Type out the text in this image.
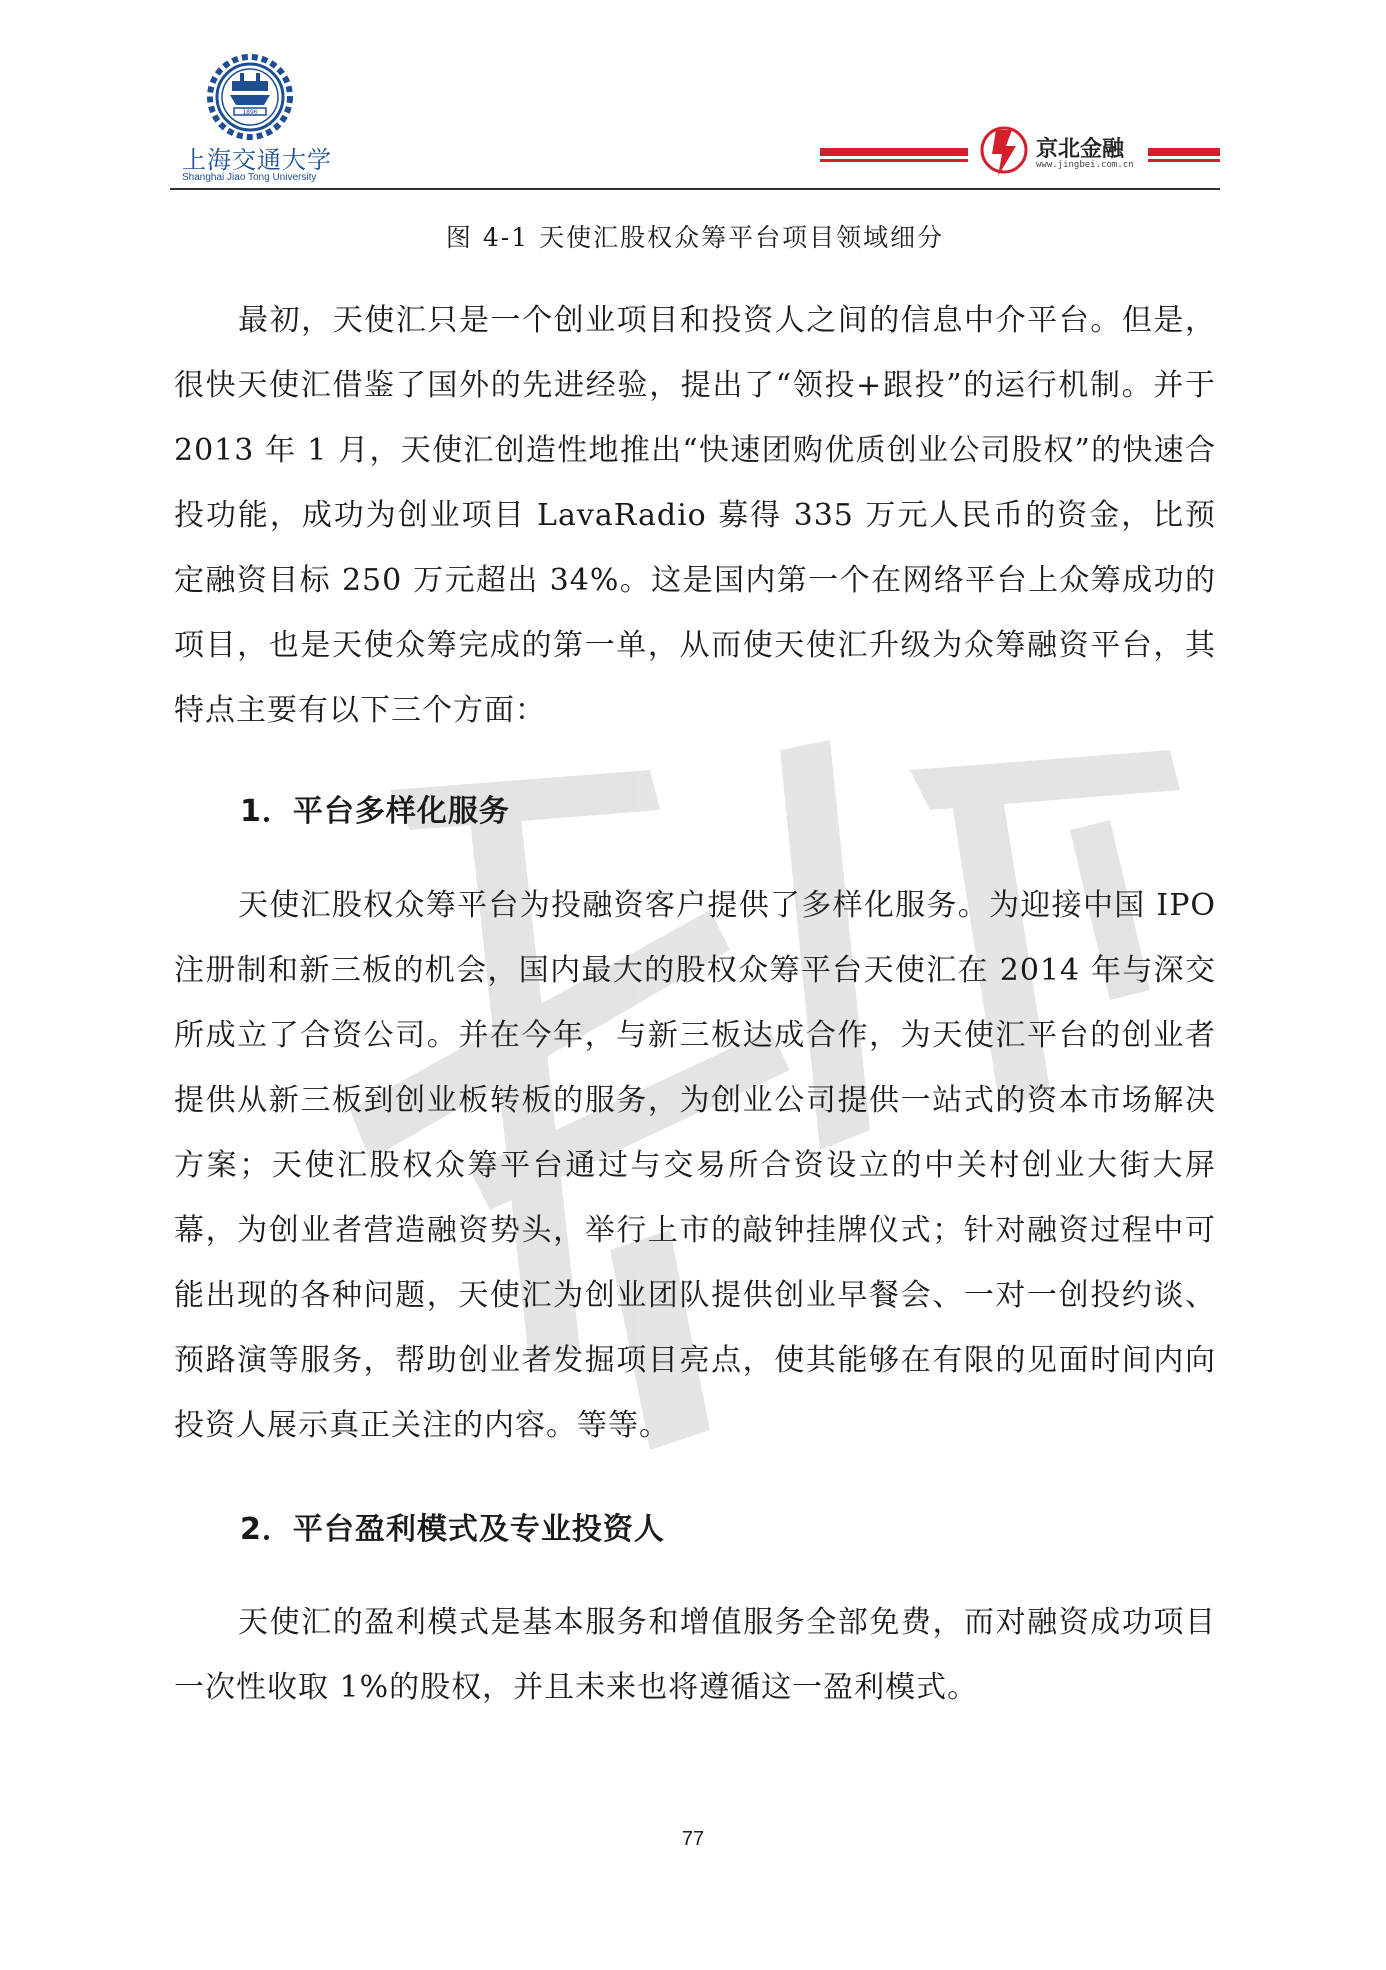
1896
上海交通大学
Shanghai Jiao Tong University
京北金融
www.jingbei.com.cn
图 4-1 天使汇股权众筹平台项目领域细分

最初，天使汇只是一个创业项目和投资人之间的信息中介平台。但是，很快天使汇借鉴了国外的先进经验，提出了“领投+跟投”的运行机制。并于 2013 年 1 月，天使汇创造性地推出“快速团购优质创业公司股权”的快速合投功能，成功为创业项目 LavaRadio 募得 335 万元人民币的资金，比预定融资目标 250 万元超出 34%。这是国内第一个在网络平台上众筹成功的项目，也是天使众筹完成的第一单，从而使天使汇升级为众筹融资平台，其特点主要有以下三个方面：

1．平台多样化服务

天使汇股权众筹平台为投融资客户提供了多样化服务。为迎接中国 IPO 注册制和新三板的机会，国内最大的股权众筹平台天使汇在 2014 年与深交所成立了合资公司。并在今年，与新三板达成合作，为天使汇平台的创业者提供从新三板到创业板转板的服务，为创业公司提供一站式的资本市场解决方案；天使汇股权众筹平台通过与交易所合资设立的中关村创业大街大屏幕，为创业者营造融资势头，举行上市的敲钟挂牌仪式；针对融资过程中可能出现的各种问题，天使汇为创业团队提供创业早餐会、一对一创投约谈、预路演等服务，帮助创业者发掘项目亮点，使其能够在有限的见面时间内向投资人展示真正关注的内容。等等。

2．平台盈利模式及专业投资人

天使汇的盈利模式是基本服务和增值服务全部免费，而对融资成功项目一次性收取 1%的股权，并且未来也将遵循这一盈利模式。

77
